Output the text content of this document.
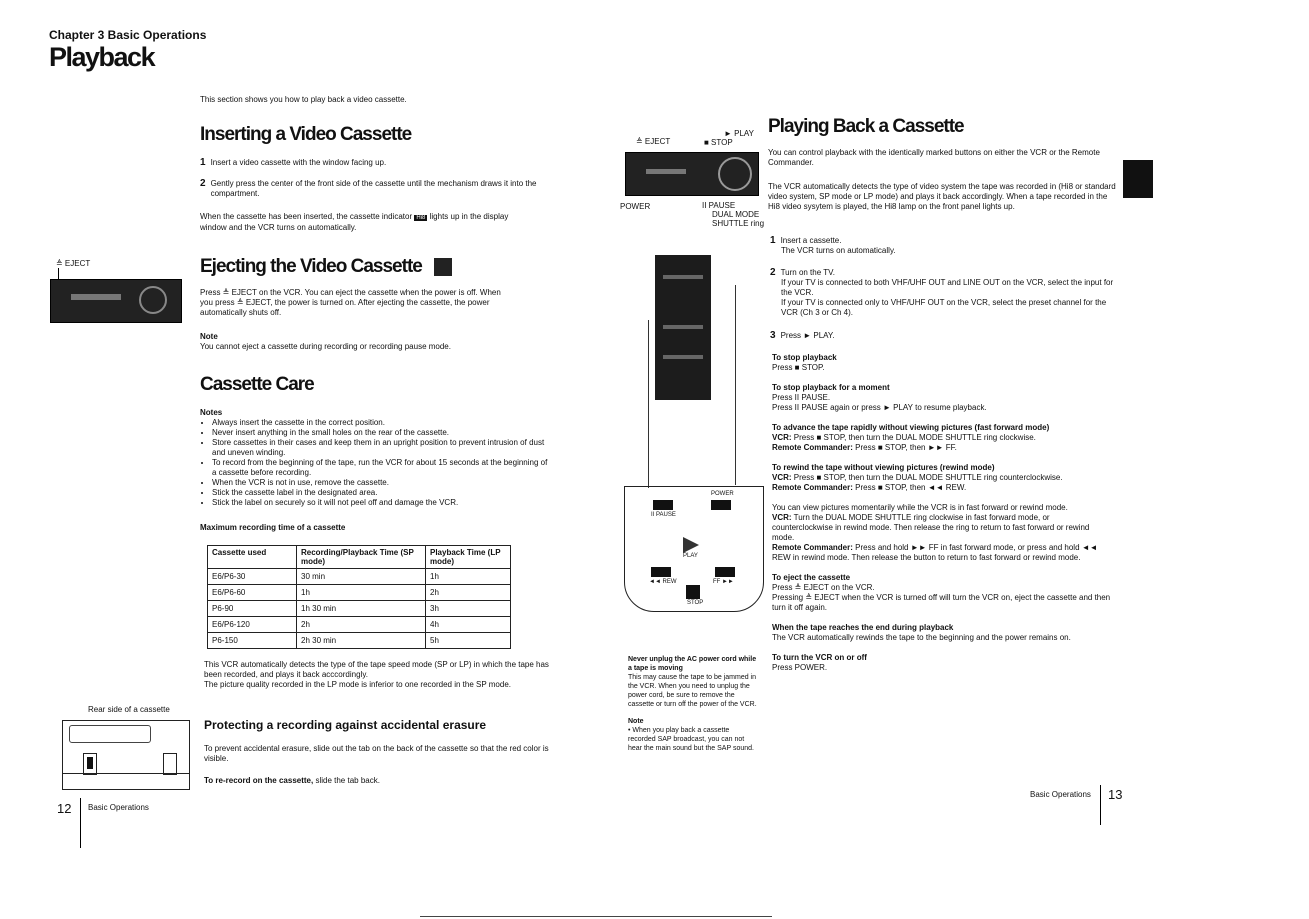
Chapter 3 Basic Operations
Playback
This section shows you how to play back a video cassette.
Inserting a Video Cassette
1 Insert a video cassette with the window facing up.
2 Gently press the center of the front side of the cassette until the mechanism draws it into the compartment.
When the cassette has been inserted, the cassette indicator Hi8 lights up in the display window and the VCR turns on automatically.
≜ EJECT	Ejecting the Video Cassette
Press ≜ EJECT on the VCR. You can eject the cassette when the power is off. When you press ≜ EJECT, the power is turned on. After ejecting the cassette, the power automatically shuts off.
Note
You cannot eject a cassette during recording or recording pause mode.
Cassette Care
Notes
• Always insert the cassette in the correct position.
• Never insert anything in the small holes on the rear of the cassette.
• Store cassettes in their cases and keep them in an upright position to prevent intrusion of dust and uneven winding.
• To record from the beginning of the tape, run the VCR for about 15 seconds at the beginning of a cassette before recording.
• When the VCR is not in use, remove the cassette.
• Stick the cassette label in the designated area.
• Stick the label on securely so it will not peel off and damage the VCR.
Maximum recording time of a cassette
Cassette used	Recording/Playback Time (SP mode)	Playback Time (LP mode)
E6/P6-30	30 min	1h
E6/P6-60	1h	2h
P6-90	1h 30 min	3h
E6/P6-120	2h	4h
P6-150	2h 30 min	5h
This VCR automatically detects the type of the tape speed mode (SP or LP) in which the tape has been recorded, and plays it back acccordingly.
The picture quality recorded in the LP mode is inferior to one recorded in the SP mode.
Protecting a recording against accidental erasure
To prevent accidental erasure, slide out the tab on the back of the cassette so that the red color is visible.
To re-record on the cassette, slide the tab back.
Rear side of a cassette
12 Basic Operations
≜ EJECT
► PLAY
■ STOP
POWER	II PAUSE
DUAL MODE
SHUTTLE ring
II PAUSE
POWER
PLAY
◄◄ REW	FF ►►
STOP
Never unplug the AC power cord while a tape is moving
This may cause the tape to be jammed in the VCR. When you need to unplug the power cord, be sure to remove the cassette or turn off the power of the VCR.
Note
• When you play back a cassette recorded SAP broadcast, you can not hear the main sound but the SAP sound.
Playing Back a Cassette
You can control playback with the identically marked buttons on either the VCR or the Remote Commander.
The VCR automatically detects the type of video system the tape was recorded in (Hi8 or standard video system, SP mode or LP mode) and plays it back accordingly. When a tape recorded in the Hi8 video sysytem is played, the Hi8 lamp on the front panel lights up.
1 Insert a cassette.
The VCR turns on automatically.
2 Turn on the TV.
If your TV is connected to both VHF/UHF OUT and LINE OUT on the VCR, select the input for the VCR.
If your TV is connected only to VHF/UHF OUT on the VCR, select the preset channel for the VCR (Ch 3 or Ch 4).
3 Press ► PLAY.
To stop playback
Press ■ STOP.
To stop playback for a moment
Press II PAUSE.
Press II PAUSE again or press ► PLAY to resume playback.
To advance the tape rapidly without viewing pictures (fast forward mode)
VCR: Press ■ STOP, then turn the DUAL MODE SHUTTLE ring clockwise.
Remote Commander: Press ■ STOP, then ►► FF.
To rewind the tape without viewing pictures (rewind mode)
VCR: Press ■ STOP, then turn the DUAL MODE SHUTTLE ring counterclockwise.
Remote Commander: Press ■ STOP, then ◄◄ REW.
You can view pictures momentarily while the VCR is in fast forward or rewind mode.
VCR: Turn the DUAL MODE SHUTTLE ring clockwise in fast forward mode, or counterclockwise in rewind mode. Then release the ring to return to fast forward or rewind mode.
Remote Commander: Press and hold ►► FF in fast forward mode, or press and hold ◄◄ REW in rewind mode. Then release the button to return to fast forward or rewind mode.
To eject the cassette
Press ≜ EJECT on the VCR.
Pressing ≜ EJECT when the VCR is turned off will turn the VCR on, eject the cassette and then turn it off again.
When the tape reaches the end during playback
The VCR automatically rewinds the tape to the beginning and the power remains on.
To turn the VCR on or off
Press POWER.
Basic Operations 13
